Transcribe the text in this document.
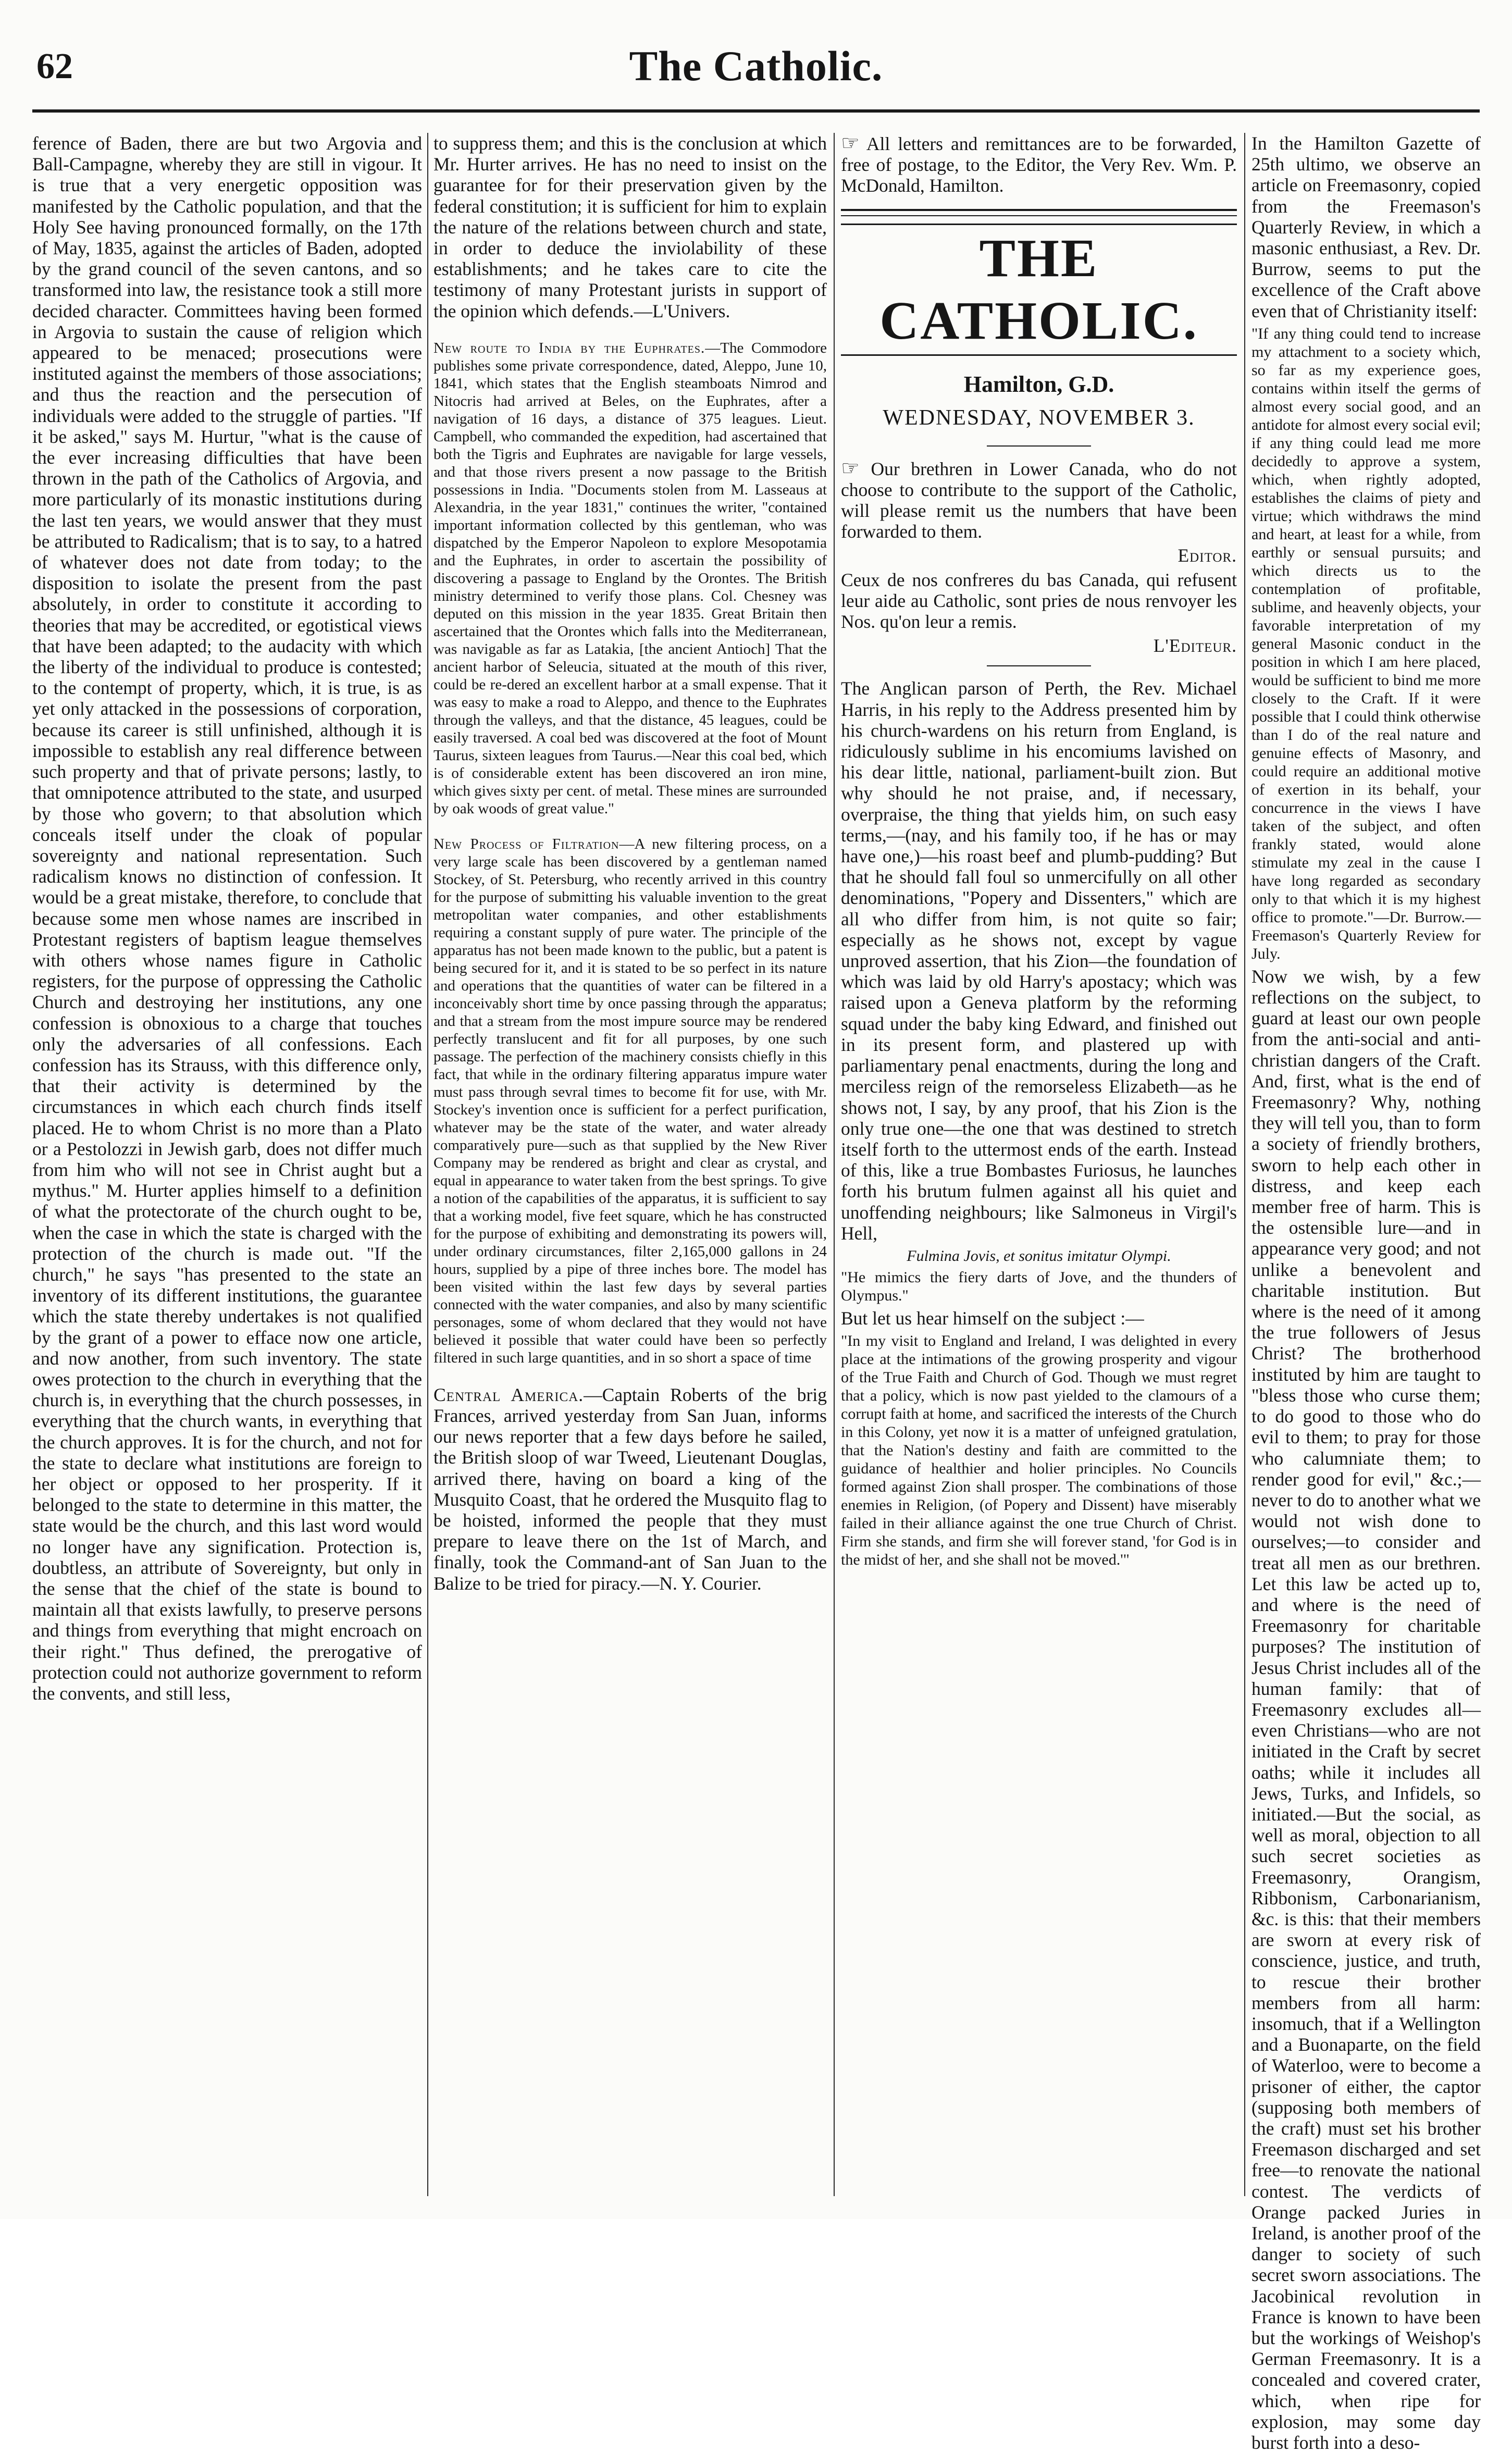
62	The Catholic.

ference of Baden, there are but two Argovia and Ball-Campagne, whereby they are still in vigour. It is true that a very energetic opposition was manifested by the Catholic population, and that the Holy See having pronounced formally, on the 17th of May, 1835, against the articles of Baden, adopted by the grand council of the seven cantons, and so transformed into law, the resistance took a still more decided character. Committees having been formed in Argovia to sustain the cause of religion which appeared to be menaced; prosecutions were instituted against the members of those associations; and thus the reaction and the persecution of individuals were added to the struggle of parties. "If it be asked," says M. Hurtur, "what is the cause of the ever increasing difficulties that have been thrown in the path of the Catholics of Argovia, and more particularly of its monastic institutions during the last ten years, we would answer that they must be attributed to Radicalism; that is to say, to a hatred of whatever does not date from today; to the disposition to isolate the present from the past absolutely, in order to constitute it according to theories that may be accredited, or egotistical views that have been adapted; to the audacity with which the liberty of the individual to produce is contested; to the contempt of property, which, it is true, is as yet only attacked in the possessions of corporation, because its career is still unfinished, although it is impossible to establish any real difference between such property and that of private persons; lastly, to that omnipotence attributed to the state, and usurped by those who govern; to that absolution which conceals itself under the cloak of popular sovereignty and national representation. Such radicalism knows no distinction of confession. It would be a great mistake, therefore, to conclude that because some men whose names are inscribed in Protestant registers of baptism league themselves with others whose names figure in Catholic registers, for the purpose of oppressing the Catholic Church and destroying her institutions, any one confession is obnoxious to a charge that touches only the adversaries of all confessions. Each confession has its Strauss, with this difference only, that their activity is determined by the circumstances in which each church finds itself placed. He to whom Christ is no more than a Plato or a Pestolozzi in Jewish garb, does not differ much from him who will not see in Christ aught but a mythus." M. Hurter applies himself to a definition of what the protectorate of the church ought to be, when the case in which the state is charged with the protection of the church is made out. "If the church," he says "has presented to the state an inventory of its different institutions, the guarantee which the state thereby undertakes is not qualified by the grant of a power to efface now one article, and now another, from such inventory. The state owes protection to the church in everything that the church is, in everything that the church possesses, in everything that the church wants, in everything that the church approves. It is for the church, and not for the state to declare what institutions are foreign to her object or opposed to her prosperity. If it belonged to the state to determine in this matter, the state would be the church, and this last word would no longer have any signification. Protection is, doubtless, an attribute of Sovereignty, but only in the sense that the chief of the state is bound to maintain all that exists lawfully, to preserve persons and things from everything that might encroach on their right." Thus defined, the prerogative of protection could not authorize government to reform the convents, and still less,

to suppress them; and this is the conclusion at which Mr. Hurter arrives. He has no need to insist on the guarantee for for their preservation given by the federal constitution; it is sufficient for him to explain the nature of the relations between church and state, in order to deduce the inviolability of these establishments; and he takes care to cite the testimony of many Protestant jurists in support of the opinion which defends.—L'Univers.

New route to India by the Euphrates.—The Commodore publishes some private correspondence, dated, Aleppo, June 10, 1841, which states that the English steamboats Nimrod and Nitocris had arrived at Beles, on the Euphrates, after a navigation of 16 days, a distance of 375 leagues. Lieut. Campbell, who commanded the expedition, had ascertained that both the Tigris and Euphrates are navigable for large vessels, and that those rivers present a now passage to the British possessions in India. "Documents stolen from M. Lasseaus at Alexandria, in the year 1831," continues the writer, "contained important information collected by this gentleman, who was dispatched by the Emperor Napoleon to explore Mesopotamia and the Euphrates, in order to ascertain the possibility of discovering a passage to England by the Orontes. The British ministry determined to verify those plans. Col. Chesney was deputed on this mission in the year 1835. Great Britain then ascertained that the Orontes which falls into the Mediterranean, was navigable as far as Latakia, [the ancient Antioch] That the ancient harbor of Seleucia, situated at the mouth of this river, could be re-dered an excellent harbor at a small expense. That it was easy to make a road to Aleppo, and thence to the Euphrates through the valleys, and that the distance, 45 leagues, could be easily traversed. A coal bed was discovered at the foot of Mount Taurus, sixteen leagues from Taurus.—Near this coal bed, which is of considerable extent has been discovered an iron mine, which gives sixty per cent. of metal. These mines are surrounded by oak woods of great value."

New Process of Filtration—A new filtering process, on a very large scale has been discovered by a gentleman named Stockey, of St. Petersburg, who recently arrived in this country for the purpose of submitting his valuable invention to the great metropolitan water companies, and other establishments requiring a constant supply of pure water. The principle of the apparatus has not been made known to the public, but a patent is being secured for it, and it is stated to be so perfect in its nature and operations that the quantities of water can be filtered in a inconceivably short time by once passing through the apparatus; and that a stream from the most impure source may be rendered perfectly translucent and fit for all purposes, by one such passage. The perfection of the machinery consists chiefly in this fact, that while in the ordinary filtering apparatus impure water must pass through sevral times to become fit for use, with Mr. Stockey's invention once is sufficient for a perfect purification, whatever may be the state of the water, and water already comparatively pure—such as that supplied by the New River Company may be rendered as bright and clear as crystal, and equal in appearance to water taken from the best springs. To give a notion of the capabilities of the apparatus, it is sufficient to say that a working model, five feet square, which he has constructed for the purpose of exhibiting and demonstrating its powers will, under ordinary circumstances, filter 2,165,000 gallons in 24 hours, supplied by a pipe of three inches bore. The model has been visited within the last few days by several parties connected with the water companies, and also by many scientific personages, some of whom declared that they would not have believed it possible that water could have been so perfectly filtered in such large quantities, and in so short a space of time

Central America.—Captain Roberts of the brig Frances, arrived yesterday from San Juan, informs our news reporter that a few days before he sailed, the British sloop of war Tweed, Lieutenant Douglas, arrived there, having on board a king of the Musquito Coast, that he ordered the Musquito flag to be hoisted, informed the people that they must prepare to leave there on the 1st of March, and finally, took the Command-ant of San Juan to the Balize to be tried for piracy.—N. Y. Courier.

☞ All letters and remittances are to be forwarded, free of postage, to the Editor, the Very Rev. Wm. P. McDonald, Hamilton.

THE CATHOLIC.
Hamilton, G.D.
WEDNESDAY, NOVEMBER 3.

☞ Our brethren in Lower Canada, who do not choose to contribute to the support of the Catholic, will please remit us the numbers that have been forwarded to them.

Editor.

Ceux de nos confreres du bas Canada, qui refusent leur aide au Catholic, sont pries de nous renvoyer les Nos. qu'on leur a remis.

L'Editeur.

The Anglican parson of Perth, the Rev. Michael Harris, in his reply to the Address presented him by his church-wardens on his return from England, is ridiculously sublime in his encomiums lavished on his dear little, national, parliament-built zion. But why should he not praise, and, if necessary, overpraise, the thing that yields him, on such easy terms,—(nay, and his family too, if he has or may have one,)—his roast beef and plumb-pudding? But that he should fall foul so unmercifully on all other denominations, "Popery and Dissenters," which are all who differ from him, is not quite so fair; especially as he shows not, except by vague unproved assertion, that his Zion—the foundation of which was laid by old Harry's apostacy; which was raised upon a Geneva platform by the reforming squad under the baby king Edward, and finished out in its present form, and plastered up with parliamentary penal enactments, during the long and merciless reign of the remorseless Elizabeth—as he shows not, I say, by any proof, that his Zion is the only true one—the one that was destined to stretch itself forth to the uttermost ends of the earth. Instead of this, like a true Bombastes Furiosus, he launches forth his brutum fulmen against all his quiet and unoffending neighbours; like Salmoneus in Virgil's Hell,

Fulmina Jovis, et sonitus imitatur Olympi.

"He mimics the fiery darts of Jove, and the thunders of Olympus."

But let us hear himself on the subject :—

"In my visit to England and Ireland, I was delighted in every place at the intimations of the growing prosperity and vigour of the True Faith and Church of God. Though we must regret that a policy, which is now past yielded to the clamours of a corrupt faith at home, and sacrificed the interests of the Church in this Colony, yet now it is a matter of unfeigned gratulation, that the Nation's destiny and faith are committed to the guidance of healthier and holier principles. No Councils formed against Zion shall prosper. The combinations of those enemies in Religion, (of Popery and Dissent) have miserably failed in their alliance against the one true Church of Christ. Firm she stands, and firm she will forever stand, 'for God is in the midst of her, and she shall not be moved.'"

In the Hamilton Gazette of 25th ultimo, we observe an article on Freemasonry, copied from the Freemason's Quarterly Review, in which a masonic enthusiast, a Rev. Dr. Burrow, seems to put the excellence of the Craft above even that of Christianity itself:

"If any thing could tend to increase my attachment to a society which, so far as my experience goes, contains within itself the germs of almost every social good, and an antidote for almost every social evil; if any thing could lead me more decidedly to approve a system, which, when rightly adopted, establishes the claims of piety and virtue; which withdraws the mind and heart, at least for a while, from earthly or sensual pursuits; and which directs us to the contemplation of profitable, sublime, and heavenly objects, your favorable interpretation of my general Masonic conduct in the position in which I am here placed, would be sufficient to bind me more closely to the Craft. If it were possible that I could think otherwise than I do of the real nature and genuine effects of Masonry, and could require an additional motive of exertion in its behalf, your concurrence in the views I have taken of the subject, and often frankly stated, would alone stimulate my zeal in the cause I have long regarded as secondary only to that which it is my highest office to promote."—Dr. Burrow.—Freemason's Quarterly Review for July.

Now we wish, by a few reflections on the subject, to guard at least our own people from the anti-social and anti-christian dangers of the Craft. And, first, what is the end of Freemasonry? Why, nothing they will tell you, than to form a society of friendly brothers, sworn to help each other in distress, and keep each member free of harm. This is the ostensible lure—and in appearance very good; and not unlike a benevolent and charitable institution. But where is the need of it among the true followers of Jesus Christ? The brotherhood instituted by him are taught to "bless those who curse them; to do good to those who do evil to them; to pray for those who calumniate them; to render good for evil," &c.;—never to do to another what we would not wish done to ourselves;—to consider and treat all men as our brethren. Let this law be acted up to, and where is the need of Freemasonry for charitable purposes? The institution of Jesus Christ includes all of the human family: that of Freemasonry excludes all—even Christians—who are not initiated in the Craft by secret oaths; while it includes all Jews, Turks, and Infidels, so initiated.—But the social, as well as moral, objection to all such secret societies as Freemasonry, Orangism, Ribbonism, Carbonarianism, &c. is this: that their members are sworn at every risk of conscience, justice, and truth, to rescue their brother members from all harm: insomuch, that if a Wellington and a Buonaparte, on the field of Waterloo, were to become a prisoner of either, the captor (supposing both members of the craft) must set his brother Freemason discharged and set free—to renovate the national contest. The verdicts of Orange packed Juries in Ireland, is another proof of the danger to society of such secret sworn associations. The Jacobinical revolution in France is known to have been but the workings of Weishop's German Freemasonry. It is a concealed and covered crater, which, when ripe for explosion, may some day burst forth into a deso-
